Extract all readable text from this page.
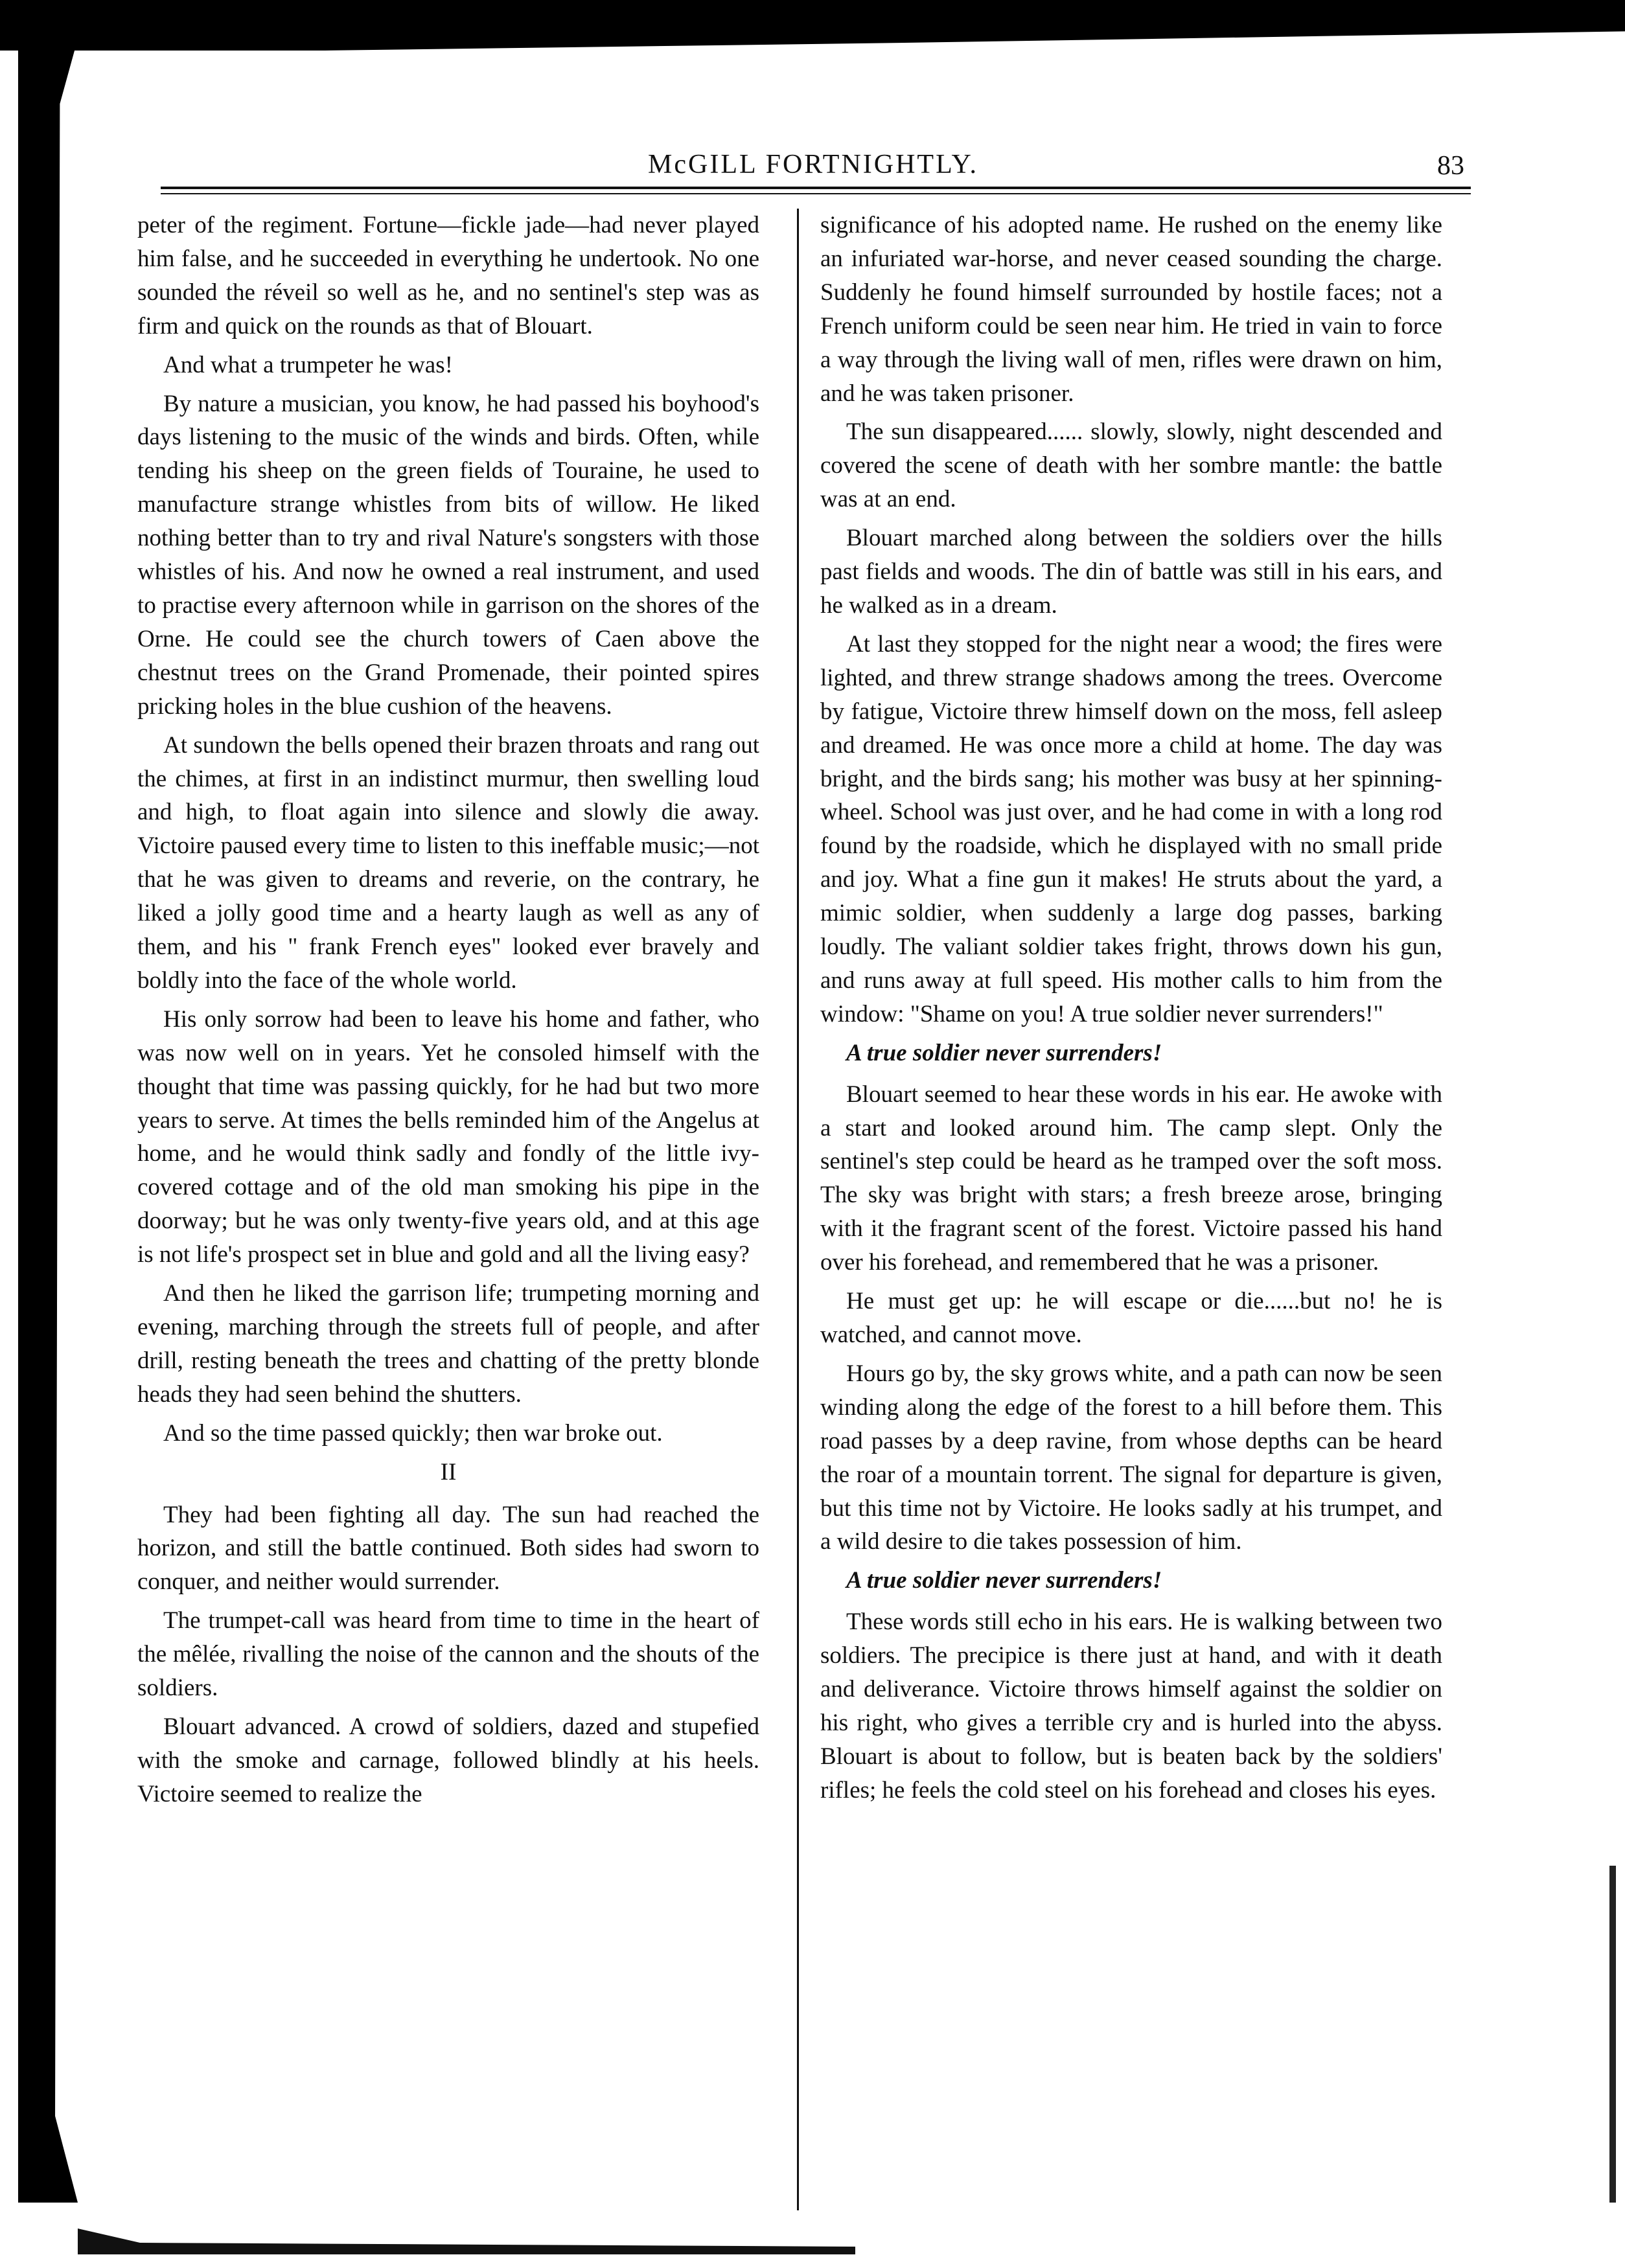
McGILL FORTNIGHTLY.	83

peter of the regiment. Fortune—fickle jade—had never played him false, and he succeeded in everything he undertook. No one sounded the réveil so well as he, and no sentinel's step was as firm and quick on the rounds as that of Blouart.

And what a trumpeter he was!

By nature a musician, you know, he had passed his boyhood's days listening to the music of the winds and birds. Often, while tending his sheep on the green fields of Touraine, he used to manufacture strange whistles from bits of willow. He liked nothing better than to try and rival Nature's songsters with those whistles of his. And now he owned a real instrument, and used to practise every afternoon while in garrison on the shores of the Orne. He could see the church towers of Caen above the chestnut trees on the Grand Promenade, their pointed spires pricking holes in the blue cushion of the heavens.

At sundown the bells opened their brazen throats and rang out the chimes, at first in an indistinct murmur, then swelling loud and high, to float again into silence and slowly die away. Victoire paused every time to listen to this ineffable music;—not that he was given to dreams and reverie, on the contrary, he liked a jolly good time and a hearty laugh as well as any of them, and his " frank French eyes" looked ever bravely and boldly into the face of the whole world.

His only sorrow had been to leave his home and father, who was now well on in years. Yet he consoled himself with the thought that time was passing quickly, for he had but two more years to serve. At times the bells reminded him of the Angelus at home, and he would think sadly and fondly of the little ivy-covered cottage and of the old man smoking his pipe in the doorway; but he was only twenty-five years old, and at this age is not life's prospect set in blue and gold and all the living easy?

And then he liked the garrison life; trumpeting morning and evening, marching through the streets full of people, and after drill, resting beneath the trees and chatting of the pretty blonde heads they had seen behind the shutters.

And so the time passed quickly; then war broke out.

II

They had been fighting all day. The sun had reached the horizon, and still the battle continued. Both sides had sworn to conquer, and neither would surrender.

The trumpet-call was heard from time to time in the heart of the mêlée, rivalling the noise of the cannon and the shouts of the soldiers.

Blouart advanced. A crowd of soldiers, dazed and stupefied with the smoke and carnage, followed blindly at his heels. Victoire seemed to realize the

significance of his adopted name. He rushed on the enemy like an infuriated war-horse, and never ceased sounding the charge. Suddenly he found himself surrounded by hostile faces; not a French uniform could be seen near him. He tried in vain to force a way through the living wall of men, rifles were drawn on him, and he was taken prisoner.

The sun disappeared...... slowly, slowly, night descended and covered the scene of death with her sombre mantle: the battle was at an end.

Blouart marched along between the soldiers over the hills past fields and woods. The din of battle was still in his ears, and he walked as in a dream.

At last they stopped for the night near a wood; the fires were lighted, and threw strange shadows among the trees. Overcome by fatigue, Victoire threw himself down on the moss, fell asleep and dreamed. He was once more a child at home. The day was bright, and the birds sang; his mother was busy at her spinning-wheel. School was just over, and he had come in with a long rod found by the roadside, which he displayed with no small pride and joy. What a fine gun it makes! He struts about the yard, a mimic soldier, when suddenly a large dog passes, barking loudly. The valiant soldier takes fright, throws down his gun, and runs away at full speed. His mother calls to him from the window: "Shame on you! A true soldier never surrenders!"

A true soldier never surrenders!

Blouart seemed to hear these words in his ear. He awoke with a start and looked around him. The camp slept. Only the sentinel's step could be heard as he tramped over the soft moss. The sky was bright with stars; a fresh breeze arose, bringing with it the fragrant scent of the forest. Victoire passed his hand over his forehead, and remembered that he was a prisoner.

He must get up: he will escape or die......but no! he is watched, and cannot move.

Hours go by, the sky grows white, and a path can now be seen winding along the edge of the forest to a hill before them. This road passes by a deep ravine, from whose depths can be heard the roar of a mountain torrent. The signal for departure is given, but this time not by Victoire. He looks sadly at his trumpet, and a wild desire to die takes possession of him.

A true soldier never surrenders!

These words still echo in his ears. He is walking between two soldiers. The precipice is there just at hand, and with it death and deliverance. Victoire throws himself against the soldier on his right, who gives a terrible cry and is hurled into the abyss. Blouart is about to follow, but is beaten back by the soldiers' rifles; he feels the cold steel on his forehead and closes his eyes.
